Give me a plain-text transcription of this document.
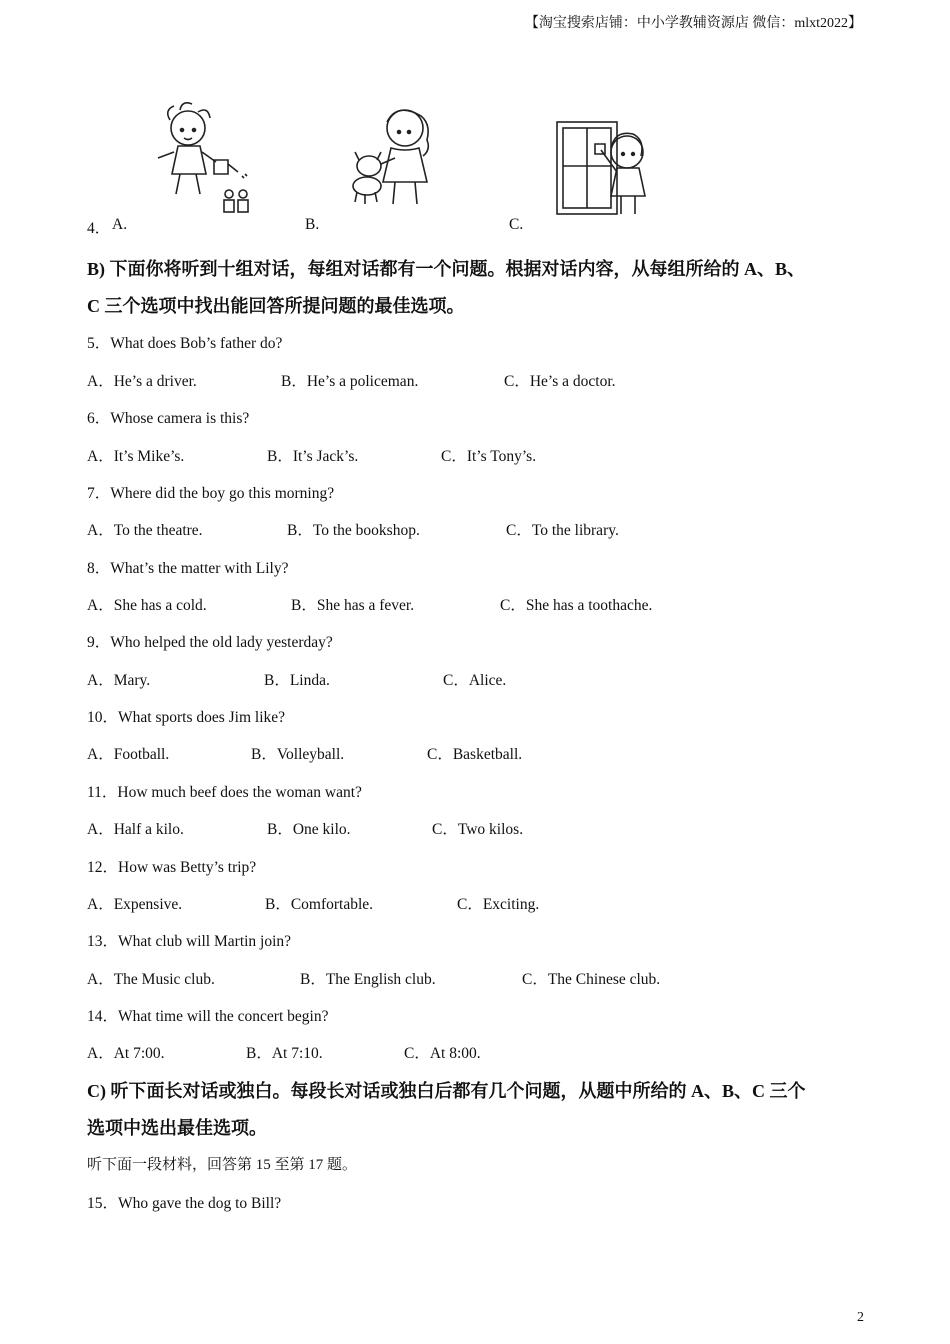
【淘宝搜索店铺：中小学教辅资源店 微信：mlxt2022】
4． A.	B.	C.
B) 下面你将听到十组对话，每组对话都有一个问题。根据对话内容，从每组所给的 A、B、
C 三个选项中找出能回答所提问题的最佳选项。
5．What does Bob’s father do?
A．He’s a driver.	B．He’s a policeman.	C．He’s a doctor.
6．Whose camera is this?
A．It’s Mike’s.	B．It’s Jack’s.	C．It’s Tony’s.
7．Where did the boy go this morning?
A．To the theatre.	B．To the bookshop.	C．To the library.
8．What’s the matter with Lily?
A．She has a cold.	B．She has a fever.	C．She has a toothache.
9．Who helped the old lady yesterday?
A．Mary.	B．Linda.	C．Alice.
10．What sports does Jim like?
A．Football.	B．Volleyball.	C．Basketball.
11．How much beef does the woman want?
A．Half a kilo.	B．One kilo.	C．Two kilos.
12．How was Betty’s trip?
A．Expensive.	B．Comfortable.	C．Exciting.
13．What club will Martin join?
A．The Music club.	B．The English club.	C．The Chinese club.
14．What time will the concert begin?
A．At 7:00.	B．At 7:10.	C．At 8:00.
C) 听下面长对话或独白。每段长对话或独白后都有几个问题，从题中所给的 A、B、C 三个
选项中选出最佳选项。
听下面一段材料，回答第 15 至第 17 题。
15．Who gave the dog to Bill?
2
